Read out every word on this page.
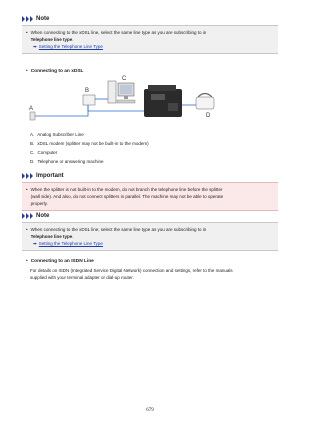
Note
• When connecting to the xDSL line, select the same line type as you are subscribing to in
Telephone line type.
➡ Setting the Telephone Line Type
• Connecting to an xDSL
A
B
C
D
A. Analog Subscriber Line
B. xDSL modem (splitter may not be built-in to the modem)
C. Computer
D. Telephone or answering machine
Important
• When the splitter is not built-in to the modem, do not branch the telephone line before the splitter
(wall side). And also, do not connect splitters in parallel. The machine may not be able to operate
properly.
Note
• When connecting to the xDSL line, select the same line type as you are subscribing to in
Telephone line type.
➡ Setting the Telephone Line Type
• Connecting to an ISDN Line
For details on ISDN (Integrated Service Digital Network) connection and settings, refer to the manuals
supplied with your terminal adapter or dial-up router.
679
